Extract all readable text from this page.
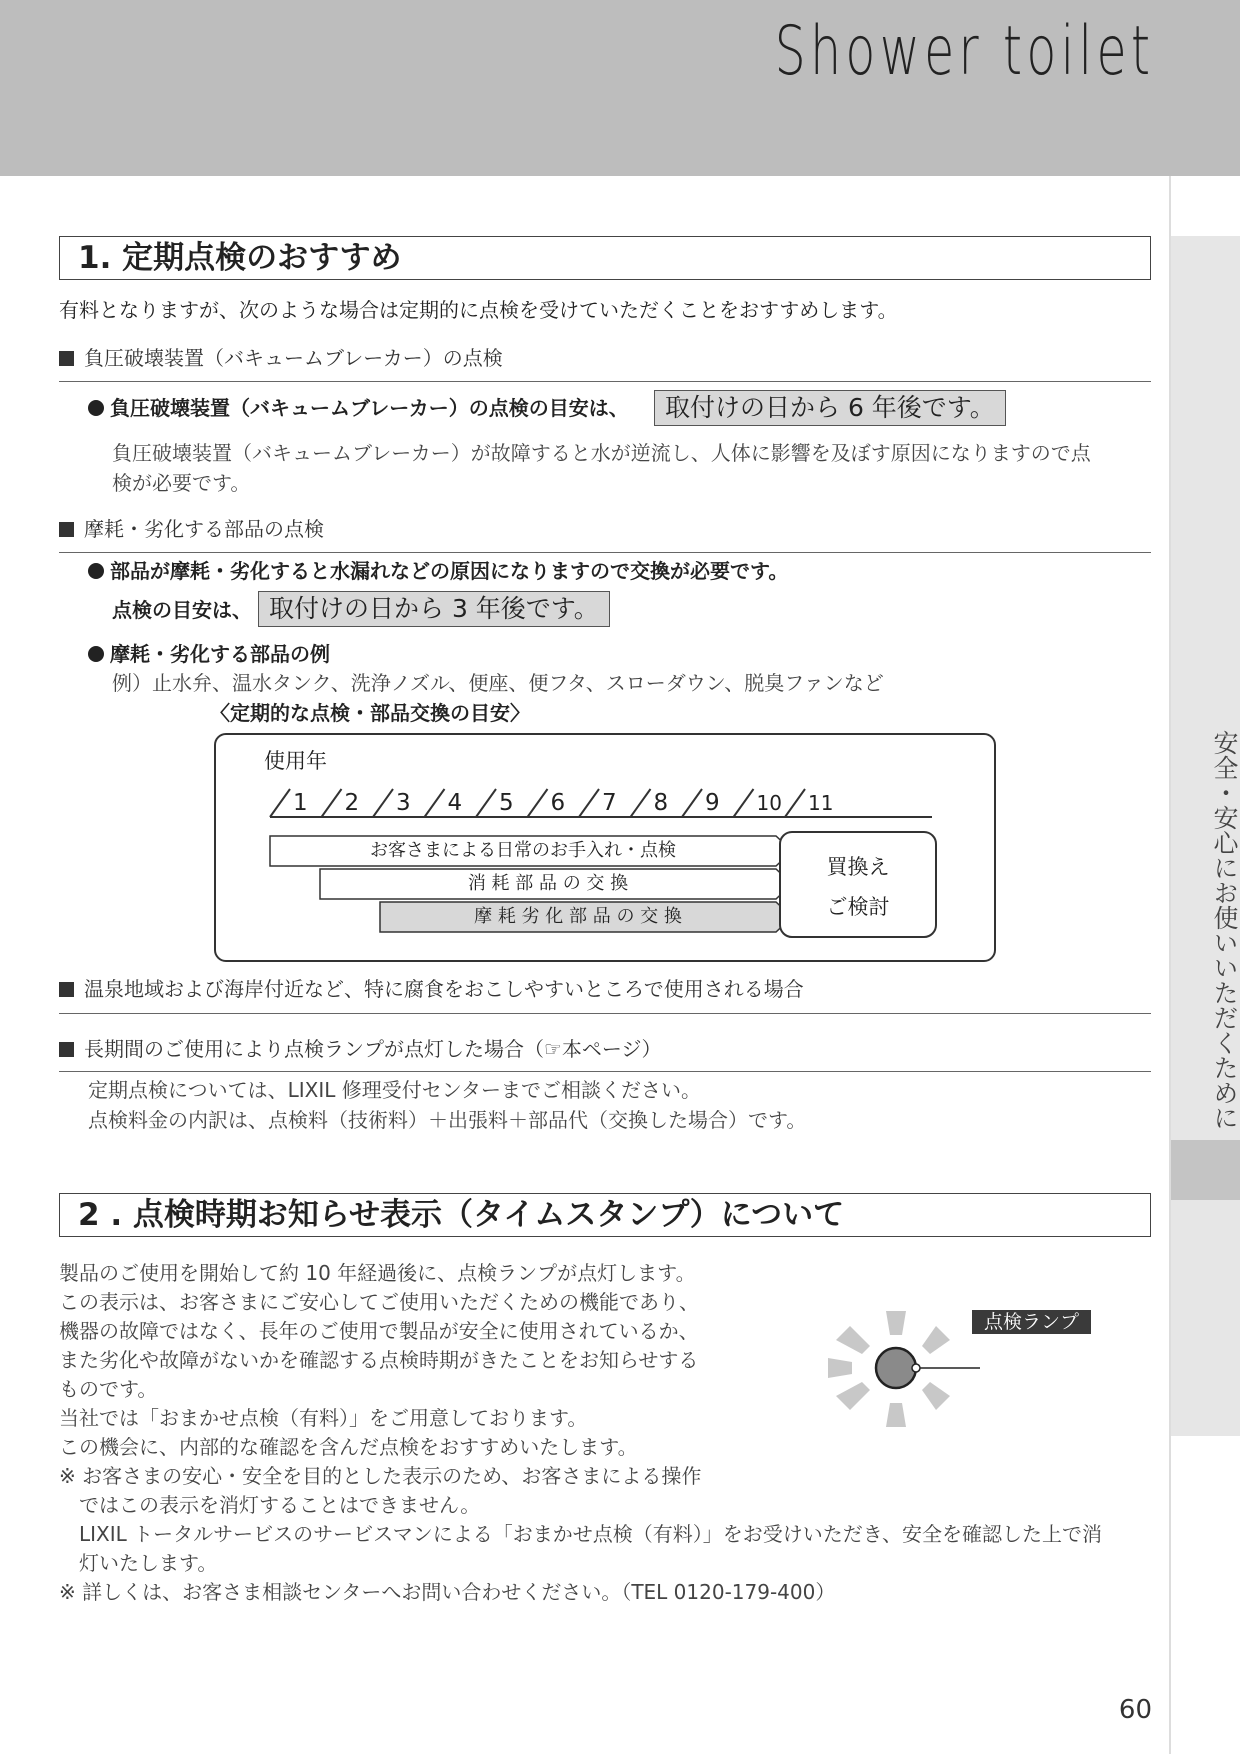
Shower toilet
安全・安心にお使いいただくために
1. 定期点検のおすすめ
有料となりますが、次のような場合は定期的に点検を受けていただくことをおすすめします。
負圧破壊装置（バキュームブレーカー）の点検
負圧破壊装置（バキュームブレーカー）の点検の目安は、	取付けの日から 6 年後です。
負圧破壊装置（バキュームブレーカー）が故障すると水が逆流し、人体に影響を及ぼす原因になりますので点
検が必要です。
摩耗・劣化する部品の点検
部品が摩耗・劣化すると水漏れなどの原因になりますので交換が必要です。
点検の目安は、 取付けの日から 3 年後です。
摩耗・劣化する部品の例
例）止水弁、温水タンク、洗浄ノズル、便座、便フタ、スローダウン、脱臭ファンなど
〈定期的な点検・部品交換の目安〉
使用年
お客さまによる日常のお手入れ・点検
消 耗 部 品 の 交 換
摩 耗 劣 化 部 品 の 交 換
買換え
ご検討
1 2 3 4 5 6 7 8 9 10 11
温泉地域および海岸付近など、特に腐食をおこしやすいところで使用される場合
長期間のご使用により点検ランプが点灯した場合（☞本ページ）
定期点検については、LIXIL 修理受付センターまでご相談ください。
点検料金の内訳は、点検料（技術料）＋出張料＋部品代（交換した場合）です。
2 . 点検時期お知らせ表示（タイムスタンプ）について
製品のご使用を開始して約 10 年経過後に、点検ランプが点灯します。
この表示は、お客さまにご安心してご使用いただくための機能であり、
機器の故障ではなく、長年のご使用で製品が安全に使用されているか、
また劣化や故障がないかを確認する点検時期がきたことをお知らせする
ものです。
当社では「おまかせ点検（有料）」をご用意しております。
この機会に、内部的な確認を含んだ点検をおすすめいたします。
※ お客さまの安心・安全を目的とした表示のため、お客さまによる操作
　ではこの表示を消灯することはできません。
　LIXIL トータルサービスのサービスマンによる「おまかせ点検（有料）」をお受けいただき、安全を確認した上で消
　灯いたします。
※ 詳しくは、お客さま相談センターへお問い合わせください。（TEL 0120-179-400）
点検ランプ
60
